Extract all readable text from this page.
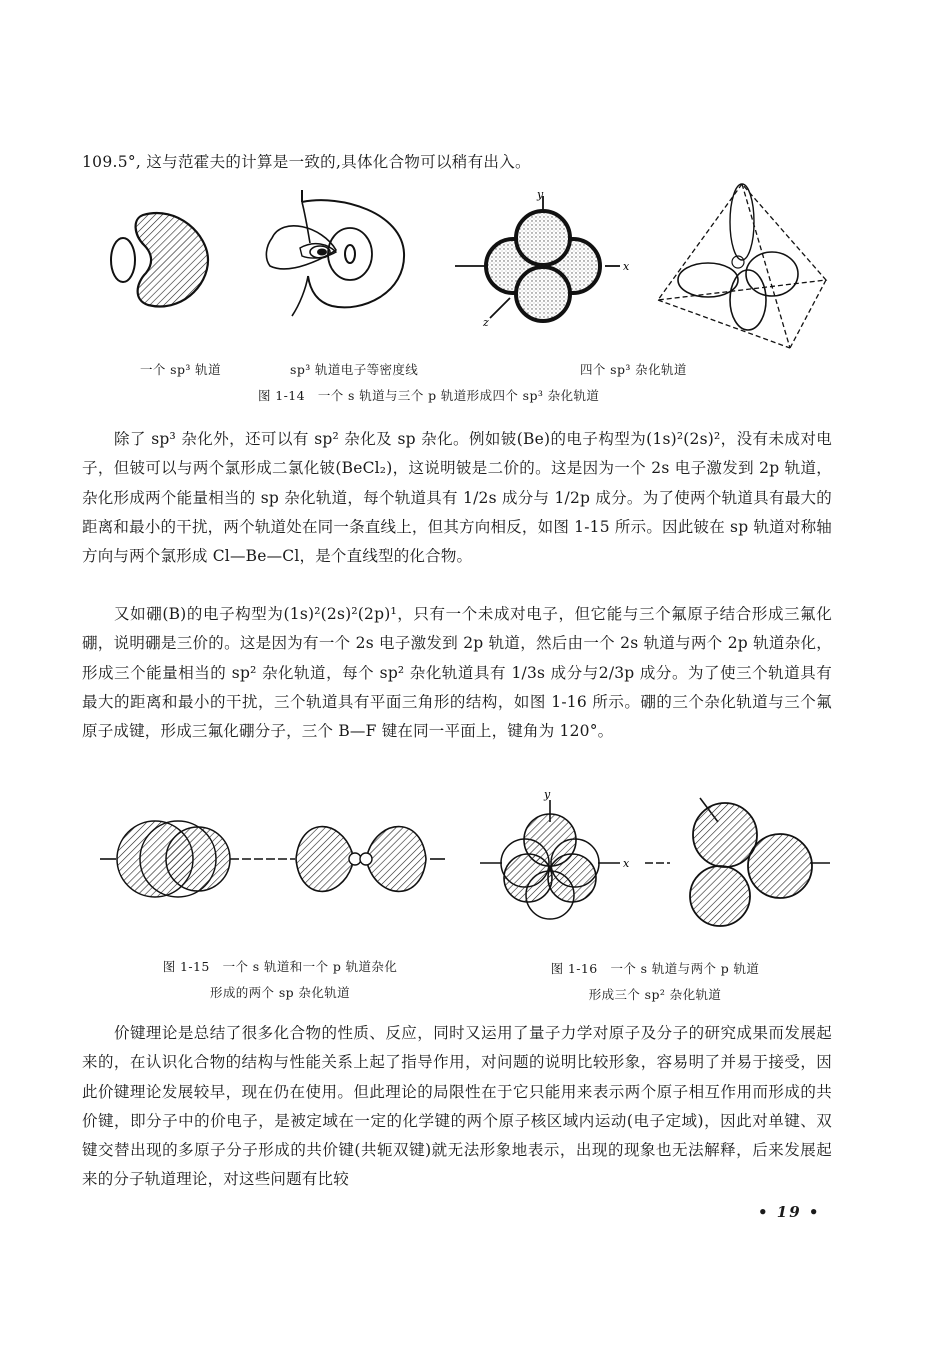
109.5°, 这与范霍夫的计算是一致的,具体化合物可以稍有出入。
y
x
z
一个 sp³ 轨道	sp³ 轨道电子等密度线	四个 sp³ 杂化轨道
图 1-14　一个 s 轨道与三个 p 轨道形成四个 sp³ 杂化轨道
除了 sp³ 杂化外，还可以有 sp² 杂化及 sp 杂化。例如铍(Be)的电子构型为(1s)²(2s)²，没有未成对电子，但铍可以与两个氯形成二氯化铍(BeCl₂)，这说明铍是二价的。这是因为一个 2s 电子激发到 2p 轨道，杂化形成两个能量相当的 sp 杂化轨道，每个轨道具有 1/2s 成分与 1/2p 成分。为了使两个轨道具有最大的距离和最小的干扰，两个轨道处在同一条直线上，但其方向相反，如图 1-15 所示。因此铍在 sp 轨道对称轴方向与两个氯形成 Cl—Be—Cl，是个直线型的化合物。
又如硼(B)的电子构型为(1s)²(2s)²(2p)¹，只有一个未成对电子，但它能与三个氟原子结合形成三氟化硼，说明硼是三价的。这是因为有一个 2s 电子激发到 2p 轨道，然后由一个 2s 轨道与两个 2p 轨道杂化，形成三个能量相当的 sp² 杂化轨道，每个 sp² 杂化轨道具有 1/3s 成分与2/3p 成分。为了使三个轨道具有最大的距离和最小的干扰，三个轨道具有平面三角形的结构，如图 1-16 所示。硼的三个杂化轨道与三个氟原子成键，形成三氟化硼分子，三个 B—F 键在同一平面上，键角为 120°。
y
x
图 1-15　一个 s 轨道和一个 p 轨道杂化
形成的两个 sp 杂化轨道
图 1-16　一个 s 轨道与两个 p 轨道
形成三个 sp² 杂化轨道
价键理论是总结了很多化合物的性质、反应，同时又运用了量子力学对原子及分子的研究成果而发展起来的，在认识化合物的结构与性能关系上起了指导作用，对问题的说明比较形象，容易明了并易于接受，因此价键理论发展较早，现在仍在使用。但此理论的局限性在于它只能用来表示两个原子相互作用而形成的共价键，即分子中的价电子，是被定域在一定的化学键的两个原子核区域内运动(电子定域)，因此对单键、双键交替出现的多原子分子形成的共价键(共轭双键)就无法形象地表示，出现的现象也无法解释，后来发展起来的分子轨道理论，对这些问题有比较
• 19 •
